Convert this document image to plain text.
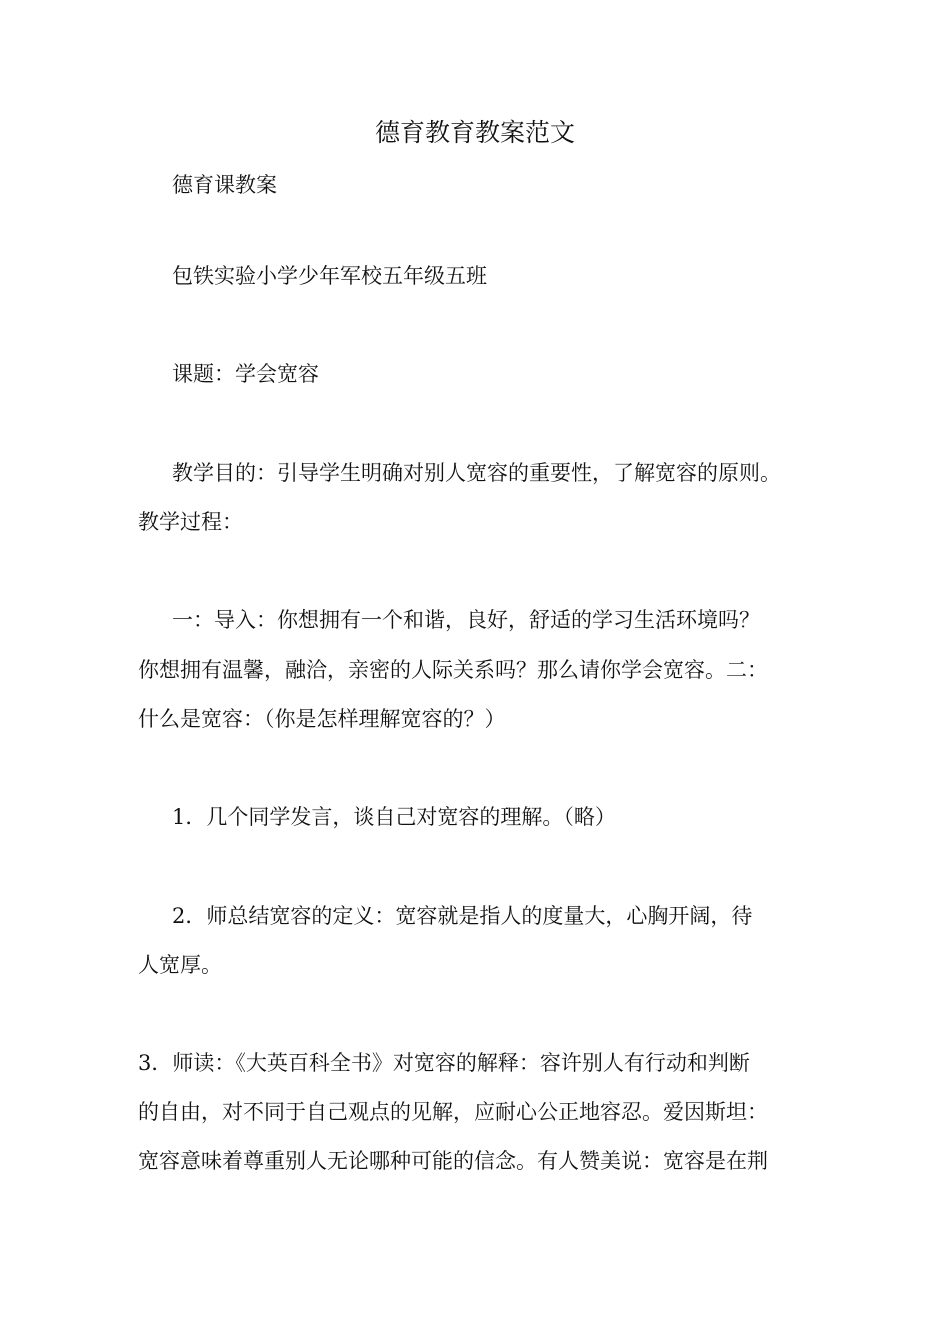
德育教育教案范文
德育课教案
包铁实验小学少年军校五年级五班
课题：学会宽容
教学目的：引导学生明确对别人宽容的重要性，了解宽容的原则。
教学过程：
一：导入：你想拥有一个和谐，良好，舒适的学习生活环境吗？
你想拥有温馨，融洽，亲密的人际关系吗？那么请你学会宽容。二：
什么是宽容：（你是怎样理解宽容的？）
1．几个同学发言，谈自己对宽容的理解。（略）
2．师总结宽容的定义：宽容就是指人的度量大，心胸开阔，待
人宽厚。
3．师读：《大英百科全书》对宽容的解释：容许别人有行动和判断
的自由，对不同于自己观点的见解，应耐心公正地容忍。爱因斯坦：
宽容意味着尊重别人无论哪种可能的信念。有人赞美说：宽容是在荆
